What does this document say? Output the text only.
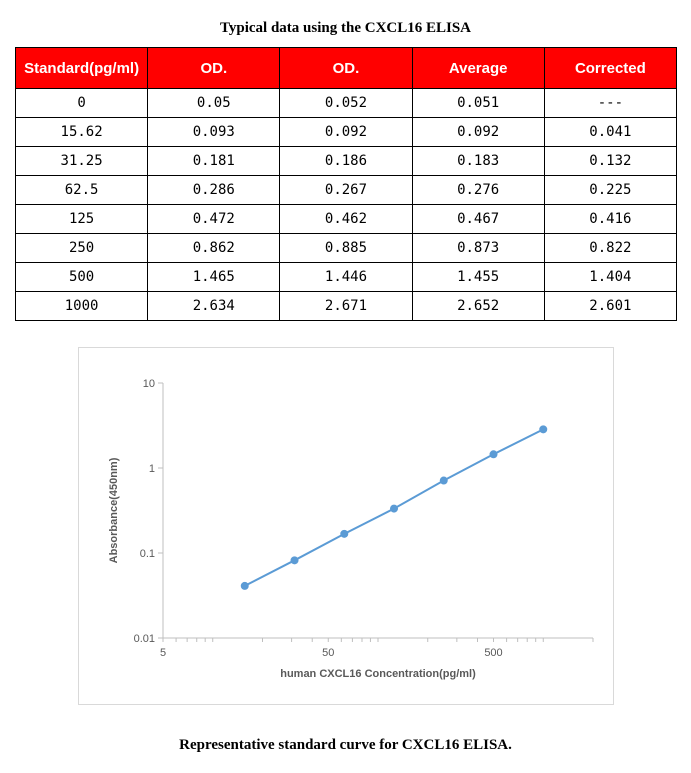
Typical data using the CXCL16 ELISA
Standard(pg/ml)	OD.	OD.	Average	Corrected
0	0.05	0.052	0.051	---
15.62	0.093	0.092	0.092	0.041
31.25	0.181	0.186	0.183	0.132
62.5	0.286	0.267	0.276	0.225
125	0.472	0.462	0.467	0.416
250	0.862	0.885	0.873	0.822
500	1.465	1.446	1.455	1.404
1000	2.634	2.671	2.652	2.601
0.01
0.1
1
10
5	50	500
human CXCL16 Concentration(pg/ml)
Absorbance(450nm)
Representative standard curve for CXCL16 ELISA.
